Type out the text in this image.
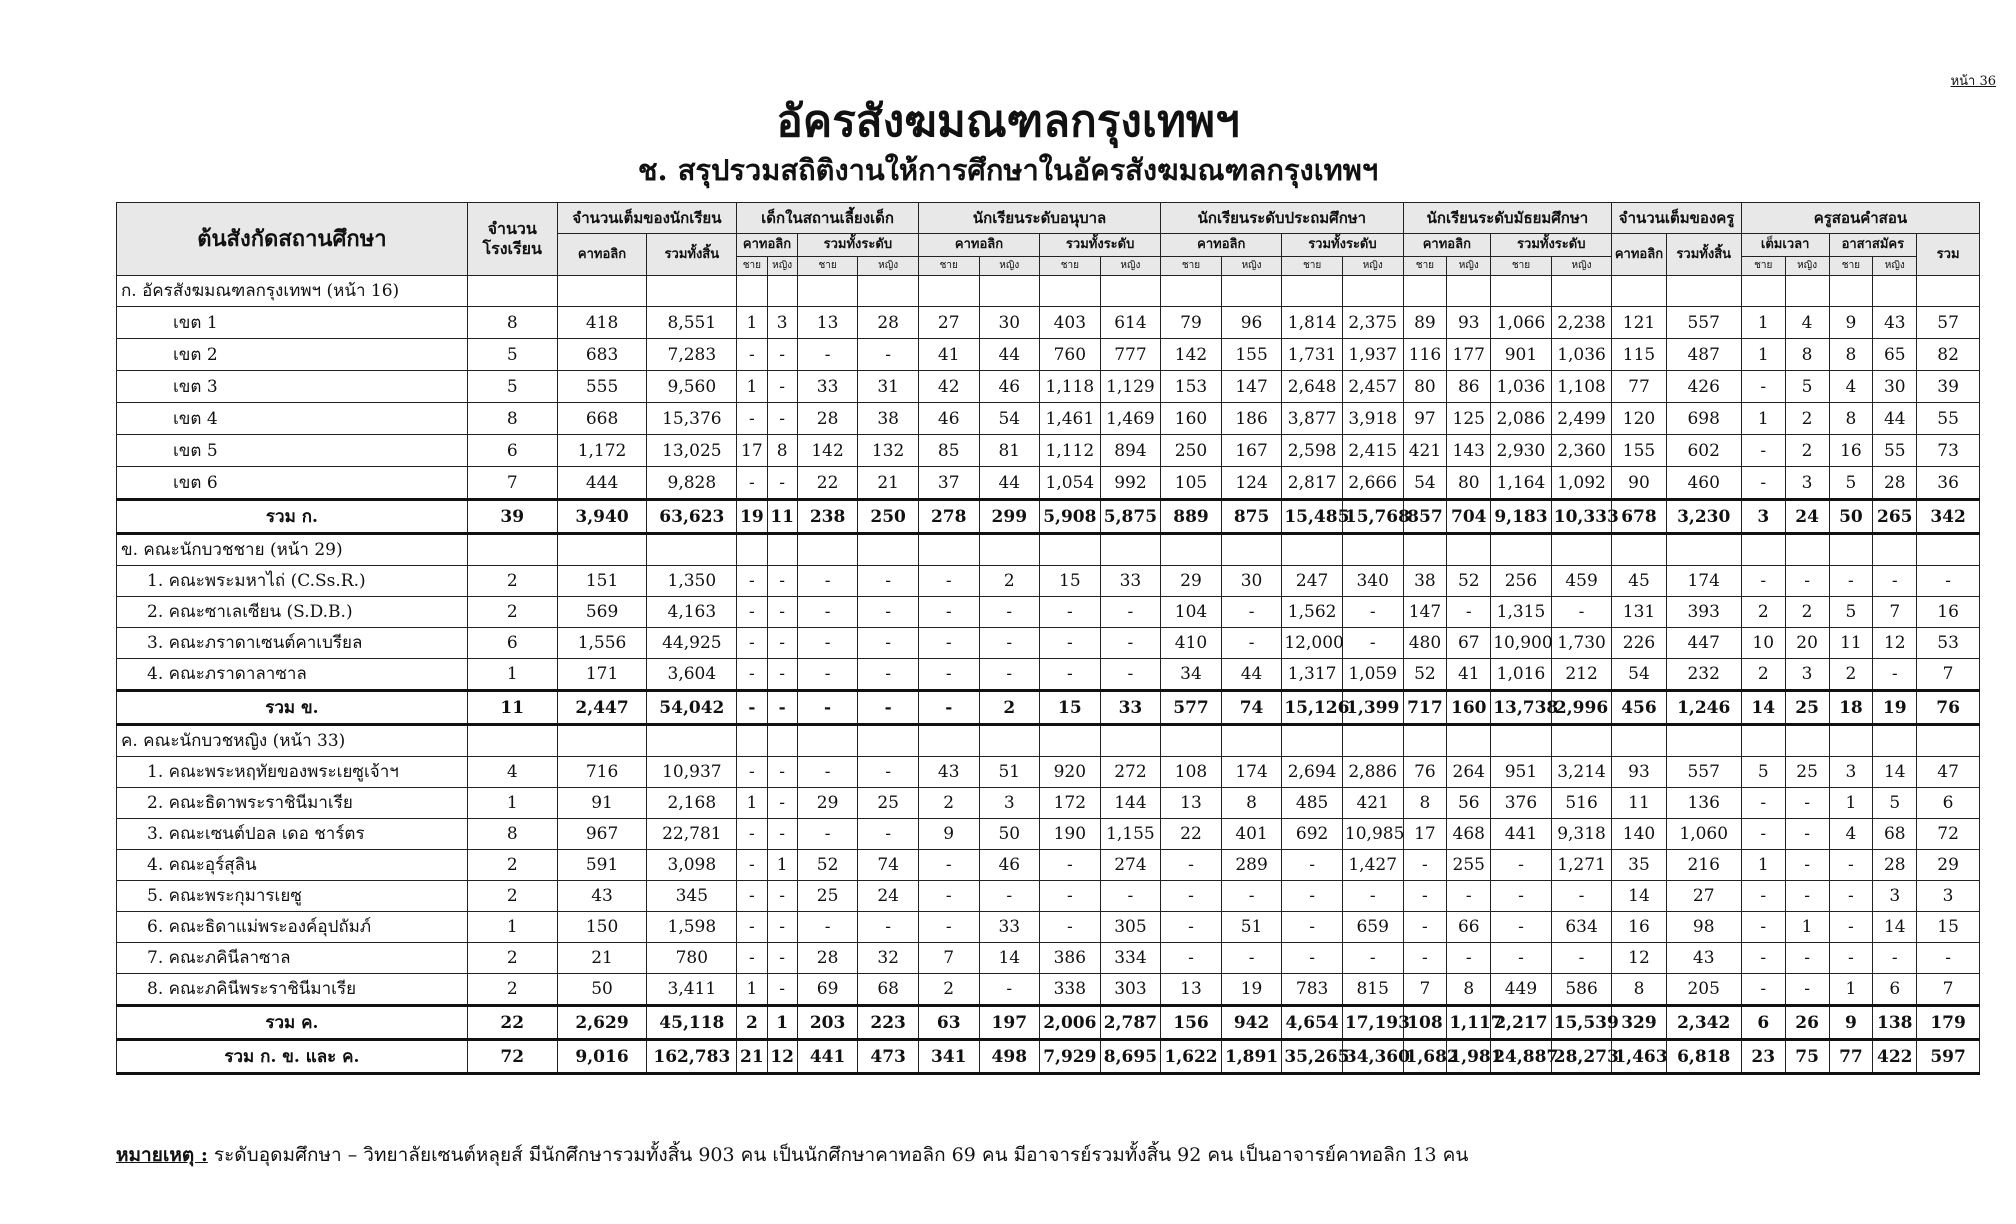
หน้า 36
อัครสังฆมณฑลกรุงเทพฯ
ช. สรุปรวมสถิติงานให้การศึกษาในอัครสังฆมณฑลกรุงเทพฯ
ต้นสังกัดสถานศึกษา	จำนวนโรงเรียน	จำนวนเต็มของนักเรียน		เด็กในสถานเลี้ยงเด็ก				นักเรียนระดับอนุบาล				นักเรียนระดับประถมศึกษา				นักเรียนระดับมัธยมศึกษา				จำนวนเต็มของครู		ครูสอนคำสอน				
		คาทอลิก	รวมทั้งสิ้น	คาทอลิก		รวมทั้งระดับ		คาทอลิก		รวมทั้งระดับ		คาทอลิก		รวมทั้งระดับ		คาทอลิก		รวมทั้งระดับ		คาทอลิก	รวมทั้งสิ้น	เต็มเวลา		อาสาสมัคร		รวม
				ชาย	หญิง	ชาย	หญิง	ชาย	หญิง	ชาย	หญิง	ชาย	หญิง	ชาย	หญิง	ชาย	หญิง	ชาย	หญิง			ชาย	หญิง	ชาย	หญิง	
ก. อัครสังฆมณฑลกรุงเทพฯ (หน้า 16)																										
เขต 1	8	418	8,551	1	3	13	28	27	30	403	614	79	96	1,814	2,375	89	93	1,066	2,238	121	557	1	4	9	43	57
เขต 2	5	683	7,283	-	-	-	-	41	44	760	777	142	155	1,731	1,937	116	177	901	1,036	115	487	1	8	8	65	82
เขต 3	5	555	9,560	1	-	33	31	42	46	1,118	1,129	153	147	2,648	2,457	80	86	1,036	1,108	77	426	-	5	4	30	39
เขต 4	8	668	15,376	-	-	28	38	46	54	1,461	1,469	160	186	3,877	3,918	97	125	2,086	2,499	120	698	1	2	8	44	55
เขต 5	6	1,172	13,025	17	8	142	132	85	81	1,112	894	250	167	2,598	2,415	421	143	2,930	2,360	155	602	-	2	16	55	73
เขต 6	7	444	9,828	-	-	22	21	37	44	1,054	992	105	124	2,817	2,666	54	80	1,164	1,092	90	460	-	3	5	28	36
รวม ก.	39	3,940	63,623	19	11	238	250	278	299	5,908	5,875	889	875	15,485	15,768	857	704	9,183	10,333	678	3,230	3	24	50	265	342
ข. คณะนักบวชชาย (หน้า 29)																										
1. คณะพระมหาไถ่ (C.Ss.R.)	2	151	1,350	-	-	-	-	-	2	15	33	29	30	247	340	38	52	256	459	45	174	-	-	-	-	-
2. คณะซาเลเซียน (S.D.B.)	2	569	4,163	-	-	-	-	-	-	-	-	104	-	1,562	-	147	-	1,315	-	131	393	2	2	5	7	16
3. คณะภราดาเซนต์คาเบรียล	6	1,556	44,925	-	-	-	-	-	-	-	-	410	-	12,000	-	480	67	10,900	1,730	226	447	10	20	11	12	53
4. คณะภราดาลาซาล	1	171	3,604	-	-	-	-	-	-	-	-	34	44	1,317	1,059	52	41	1,016	212	54	232	2	3	2	-	7
รวม ข.	11	2,447	54,042	-	-	-	-	-	2	15	33	577	74	15,126	1,399	717	160	13,738	2,996	456	1,246	14	25	18	19	76
ค. คณะนักบวชหญิง (หน้า 33)																										
1. คณะพระหฤทัยของพระเยซูเจ้าฯ	4	716	10,937	-	-	-	-	43	51	920	272	108	174	2,694	2,886	76	264	951	3,214	93	557	5	25	3	14	47
2. คณะธิดาพระราชินีมาเรีย	1	91	2,168	1	-	29	25	2	3	172	144	13	8	485	421	8	56	376	516	11	136	-	-	1	5	6
3. คณะเซนต์ปอล เดอ ชาร์ตร	8	967	22,781	-	-	-	-	9	50	190	1,155	22	401	692	10,985	17	468	441	9,318	140	1,060	-	-	4	68	72
4. คณะอุร์สุลิน	2	591	3,098	-	1	52	74	-	46	-	274	-	289	-	1,427	-	255	-	1,271	35	216	1	-	-	28	29
5. คณะพระกุมารเยซู	2	43	345	-	-	25	24	-	-	-	-	-	-	-	-	-	-	-	-	14	27	-	-	-	3	3
6. คณะธิดาแม่พระองค์อุปถัมภ์	1	150	1,598	-	-	-	-	-	33	-	305	-	51	-	659	-	66	-	634	16	98	-	1	-	14	15
7. คณะภคินีลาซาล	2	21	780	-	-	28	32	7	14	386	334	-	-	-	-	-	-	-	-	12	43	-	-	-	-	-
8. คณะภคินีพระราชินีมาเรีย	2	50	3,411	1	-	69	68	2	-	338	303	13	19	783	815	7	8	449	586	8	205	-	-	1	6	7
รวม ค.	22	2,629	45,118	2	1	203	223	63	197	2,006	2,787	156	942	4,654	17,193	108	1,117	2,217	15,539	329	2,342	6	26	9	138	179
รวม ก. ข. และ ค.	72	9,016	162,783	21	12	441	473	341	498	7,929	8,695	1,622	1,891	35,265	34,360	1,682	1,981	24,887	28,273	1,463	6,818	23	75	77	422	597
หมายเหตุ : ระดับอุดมศึกษา – วิทยาลัยเซนต์หลุยส์ มีนักศึกษารวมทั้งสิ้น 903 คน เป็นนักศึกษาคาทอลิก 69 คน มีอาจารย์รวมทั้งสิ้น 92 คน เป็นอาจารย์คาทอลิก 13 คน
